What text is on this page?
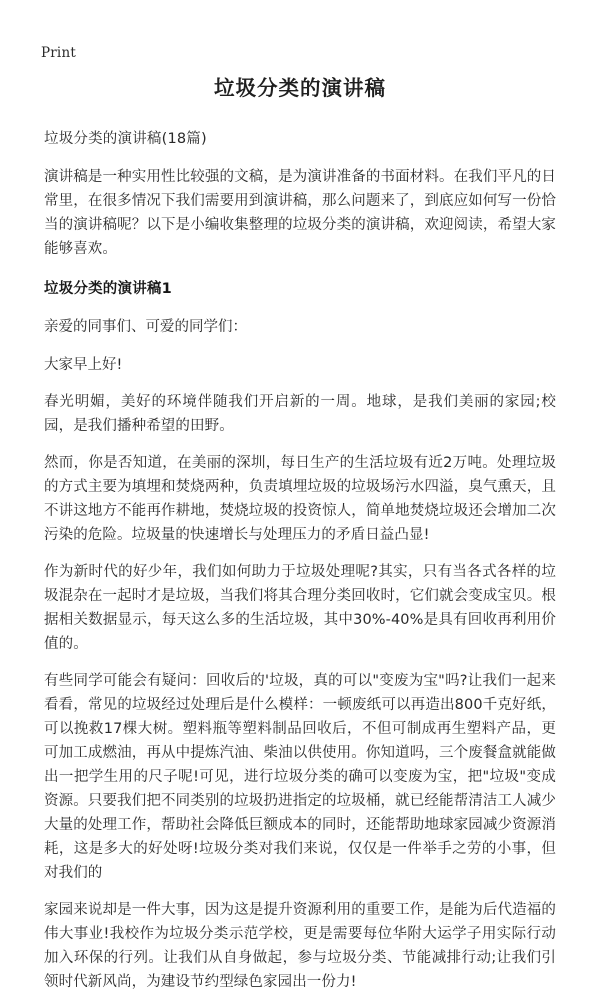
Print
垃圾分类的演讲稿

垃圾分类的演讲稿(18篇)

演讲稿是一种实用性比较强的文稿，是为演讲准备的书面材料。在我们平凡的日常里，在很多情况下我们需要用到演讲稿，那么问题来了，到底应如何写一份恰当的演讲稿呢？以下是小编收集整理的垃圾分类的演讲稿，欢迎阅读，希望大家能够喜欢。

垃圾分类的演讲稿1

亲爱的同事们、可爱的同学们：

大家早上好!

春光明媚，美好的环境伴随我们开启新的一周。地球，是我们美丽的家园;校园，是我们播种希望的田野。

然而，你是否知道，在美丽的深圳，每日生产的生活垃圾有近2万吨。处理垃圾的方式主要为填埋和焚烧两种，负责填埋垃圾的垃圾场污水四溢，臭气熏天，且不讲这地方不能再作耕地，焚烧垃圾的投资惊人，简单地焚烧垃圾还会增加二次污染的危险。垃圾量的快速增长与处理压力的矛盾日益凸显!

作为新时代的好少年，我们如何助力于垃圾处理呢?其实，只有当各式各样的垃圾混杂在一起时才是垃圾，当我们将其合理分类回收时，它们就会变成宝贝。根据相关数据显示，每天这么多的生活垃圾，其中30%-40%是具有回收再利用价值的。

有些同学可能会有疑问：回收后的'垃圾，真的可以"变废为宝"吗?让我们一起来看看，常见的垃圾经过处理后是什么模样：一顿废纸可以再造出800千克好纸，可以挽救17棵大树。塑料瓶等塑料制品回收后，不但可制成再生塑料产品，更可加工成燃油，再从中提炼汽油、柴油以供使用。你知道吗，三个废餐盒就能做出一把学生用的尺子呢!可见，进行垃圾分类的确可以变废为宝，把"垃圾"变成资源。只要我们把不同类别的垃圾扔进指定的垃圾桶，就已经能帮清洁工人减少大量的处理工作，帮助社会降低巨额成本的同时，还能帮助地球家园减少资源消耗，这是多大的好处呀!垃圾分类对我们来说，仅仅是一件举手之劳的小事，但对我们的

家园来说却是一件大事，因为这是提升资源利用的重要工作，是能为后代造福的伟大事业!我校作为垃圾分类示范学校，更是需要每位华附大运学子用实际行动加入环保的行列。让我们从自身做起，参与垃圾分类、节能减排行动;让我们引领时代新风尚，为建设节约型绿色家园出一份力!
